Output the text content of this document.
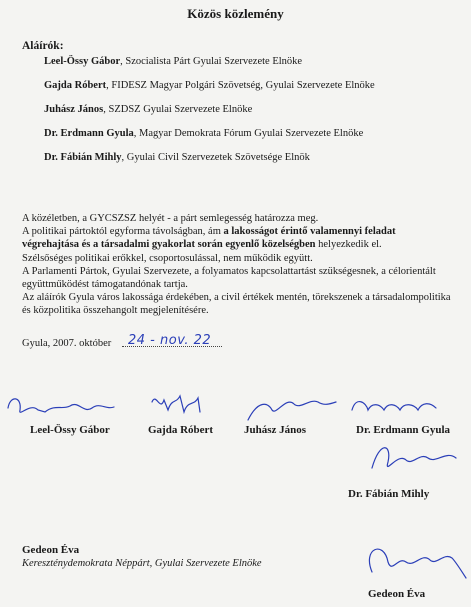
Közös közlemény
Aláírók:
Leel-Össy Gábor, Szocialista Párt Gyulai Szervezete Elnöke
Gajda Róbert, FIDESZ Magyar Polgári Szövetség, Gyulai Szervezete Elnöke
Juhász János, SZDSZ Gyulai Szervezete Elnöke
Dr. Erdmann Gyula, Magyar Demokrata Fórum Gyulai Szervezete Elnöke
Dr. Fábián Mihly, Gyulai Civil Szervezetek Szövetsége Elnök

A közéletben, a GYCSZSZ helyét - a párt semlegesség határozza meg.

A politikai pártoktól egyforma távolságban, ám a lakosságot érintő valamennyi feladat végrehajtása és a társadalmi gyakorlat során egyenlő közelségben helyezkedik el.

Szélsőséges politikai erőkkel, csoportosulással, nem működik együtt.

A Parlamenti Pártok, Gyulai Szervezete, a folyamatos kapcsolattartást szükségesnek, a célorientált együttműködést támogatandónak tartja.

Az aláírók Gyula város lakossága érdekében, a civil értékek mentén, törekszenek a társadalompolitika és közpolitika összehangolt megjelenítésére.

Gyula, 2007. október 24 - nov. 22
Leel-Össy Gábor	Gajda Róbert	Juhász János	Dr. Erdmann Gyula
Dr. Fábián Mihly
Gedeon Éva
Kereszténydemokrata Néppárt, Gyulai Szervezete Elnöke
Gedeon Éva
